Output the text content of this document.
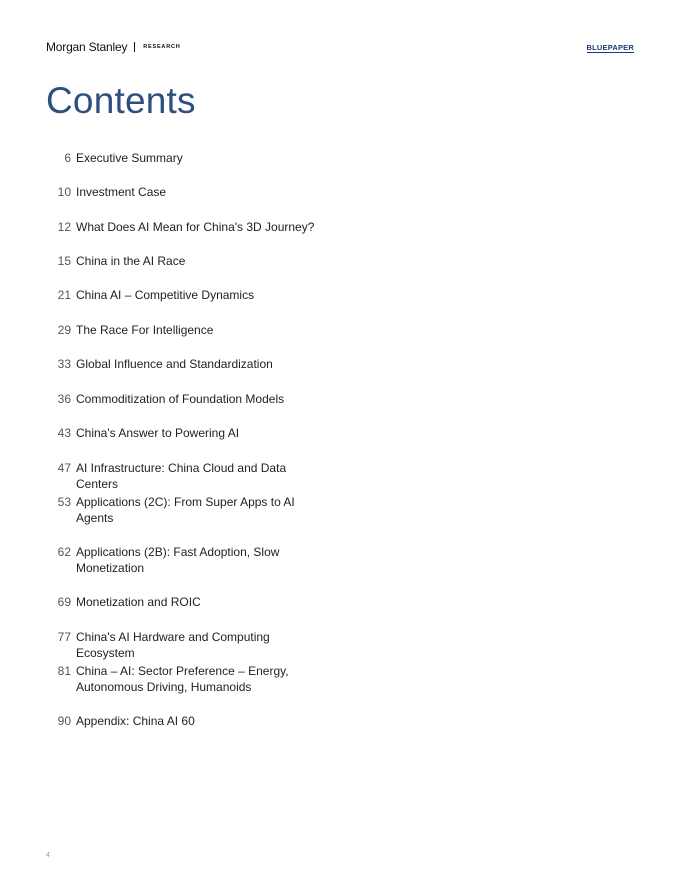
Morgan Stanley	RESEARCH	BLUEPAPER
Contents
6 Executive Summary
10 Investment Case
12 What Does AI Mean for China's 3D Journey?
15 China in the AI Race
21 China AI – Competitive Dynamics
29 The Race For Intelligence
33 Global Influence and Standardization
36 Commoditization of Foundation Models
43 China's Answer to Powering AI
47 AI Infrastructure: China Cloud and Data Centers
53 Applications (2C): From Super Apps to AI Agents
62 Applications (2B): Fast Adoption, Slow Monetization
69 Monetization and ROIC
77 China's AI Hardware and Computing Ecosystem
81 China – AI: Sector Preference – Energy, Autonomous Driving, Humanoids
90 Appendix: China AI 60
4
